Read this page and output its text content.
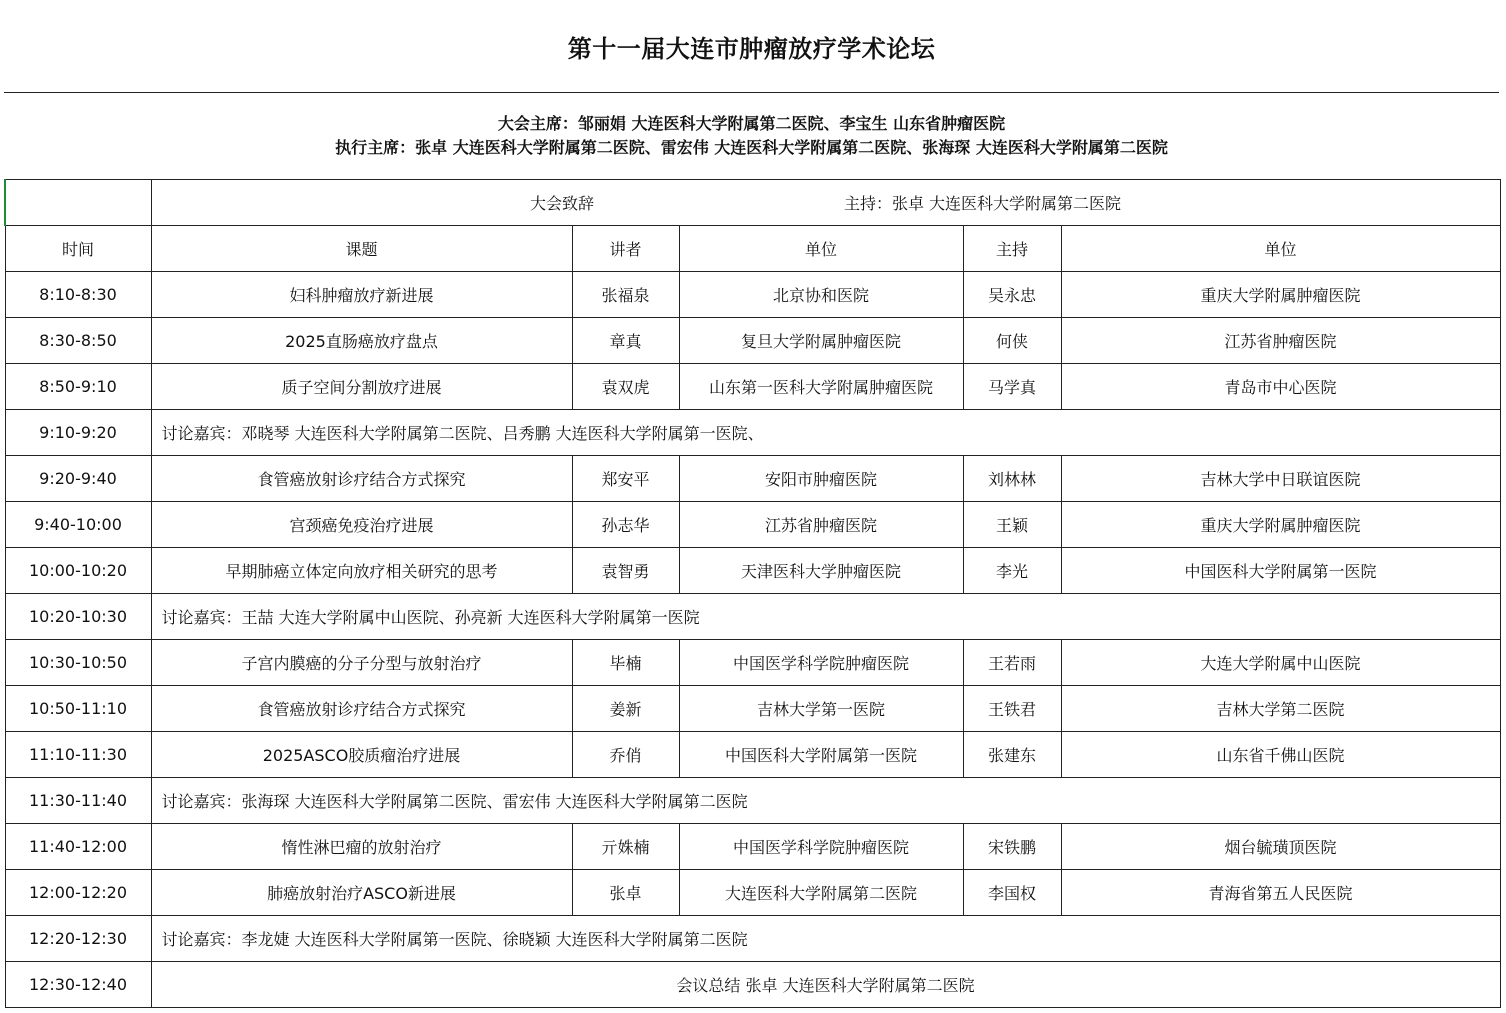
第十一届大连市肿瘤放疗学术论坛
大会主席：邹丽娟 大连医科大学附属第二医院、李宝生 山东省肿瘤医院
执行主席：张卓 大连医科大学附属第二医院、雷宏伟 大连医科大学附属第二医院、张海琛 大连医科大学附属第二医院

	大会致辞 主持：张卓 大连医科大学附属第二医院				

时间	课题	讲者	单位	主持	单位
8:10-8:30	妇科肿瘤放疗新进展	张福泉	北京协和医院	吴永忠	重庆大学附属肿瘤医院
8:30-8:50	2025直肠癌放疗盘点	章真	复旦大学附属肿瘤医院	何侠	江苏省肿瘤医院
8:50-9:10	质子空间分割放疗进展	袁双虎	山东第一医科大学附属肿瘤医院	马学真	青岛市中心医院
9:10-9:20	讨论嘉宾：邓晓琴 大连医科大学附属第二医院、吕秀鹏 大连医科大学附属第一医院、				
9:20-9:40	食管癌放射诊疗结合方式探究	郑安平	安阳市肿瘤医院	刘林林	吉林大学中日联谊医院
9:40-10:00	宫颈癌免疫治疗进展	孙志华	江苏省肿瘤医院	王颖	重庆大学附属肿瘤医院
10:00-10:20	早期肺癌立体定向放疗相关研究的思考	袁智勇	天津医科大学肿瘤医院	李光	中国医科大学附属第一医院
10:20-10:30	讨论嘉宾：王喆 大连大学附属中山医院、孙亮新 大连医科大学附属第一医院				
10:30-10:50	子宫内膜癌的分子分型与放射治疗	毕楠	中国医学科学院肿瘤医院	王若雨	大连大学附属中山医院
10:50-11:10	食管癌放射诊疗结合方式探究	姜新	吉林大学第一医院	王铁君	吉林大学第二医院
11:10-11:30	2025ASCO胶质瘤治疗进展	乔俏	中国医科大学附属第一医院	张建东	山东省千佛山医院
11:30-11:40	讨论嘉宾：张海琛 大连医科大学附属第二医院、雷宏伟 大连医科大学附属第二医院				
11:40-12:00	惰性淋巴瘤的放射治疗	亓姝楠	中国医学科学院肿瘤医院	宋铁鹏	烟台毓璜顶医院
12:00-12:20	肺癌放射治疗ASCO新进展	张卓	大连医科大学附属第二医院	李国权	青海省第五人民医院
12:20-12:30	讨论嘉宾：李龙婕 大连医科大学附属第一医院、徐晓颖 大连医科大学附属第二医院				
12:30-12:40	会议总结 张卓 大连医科大学附属第二医院				
